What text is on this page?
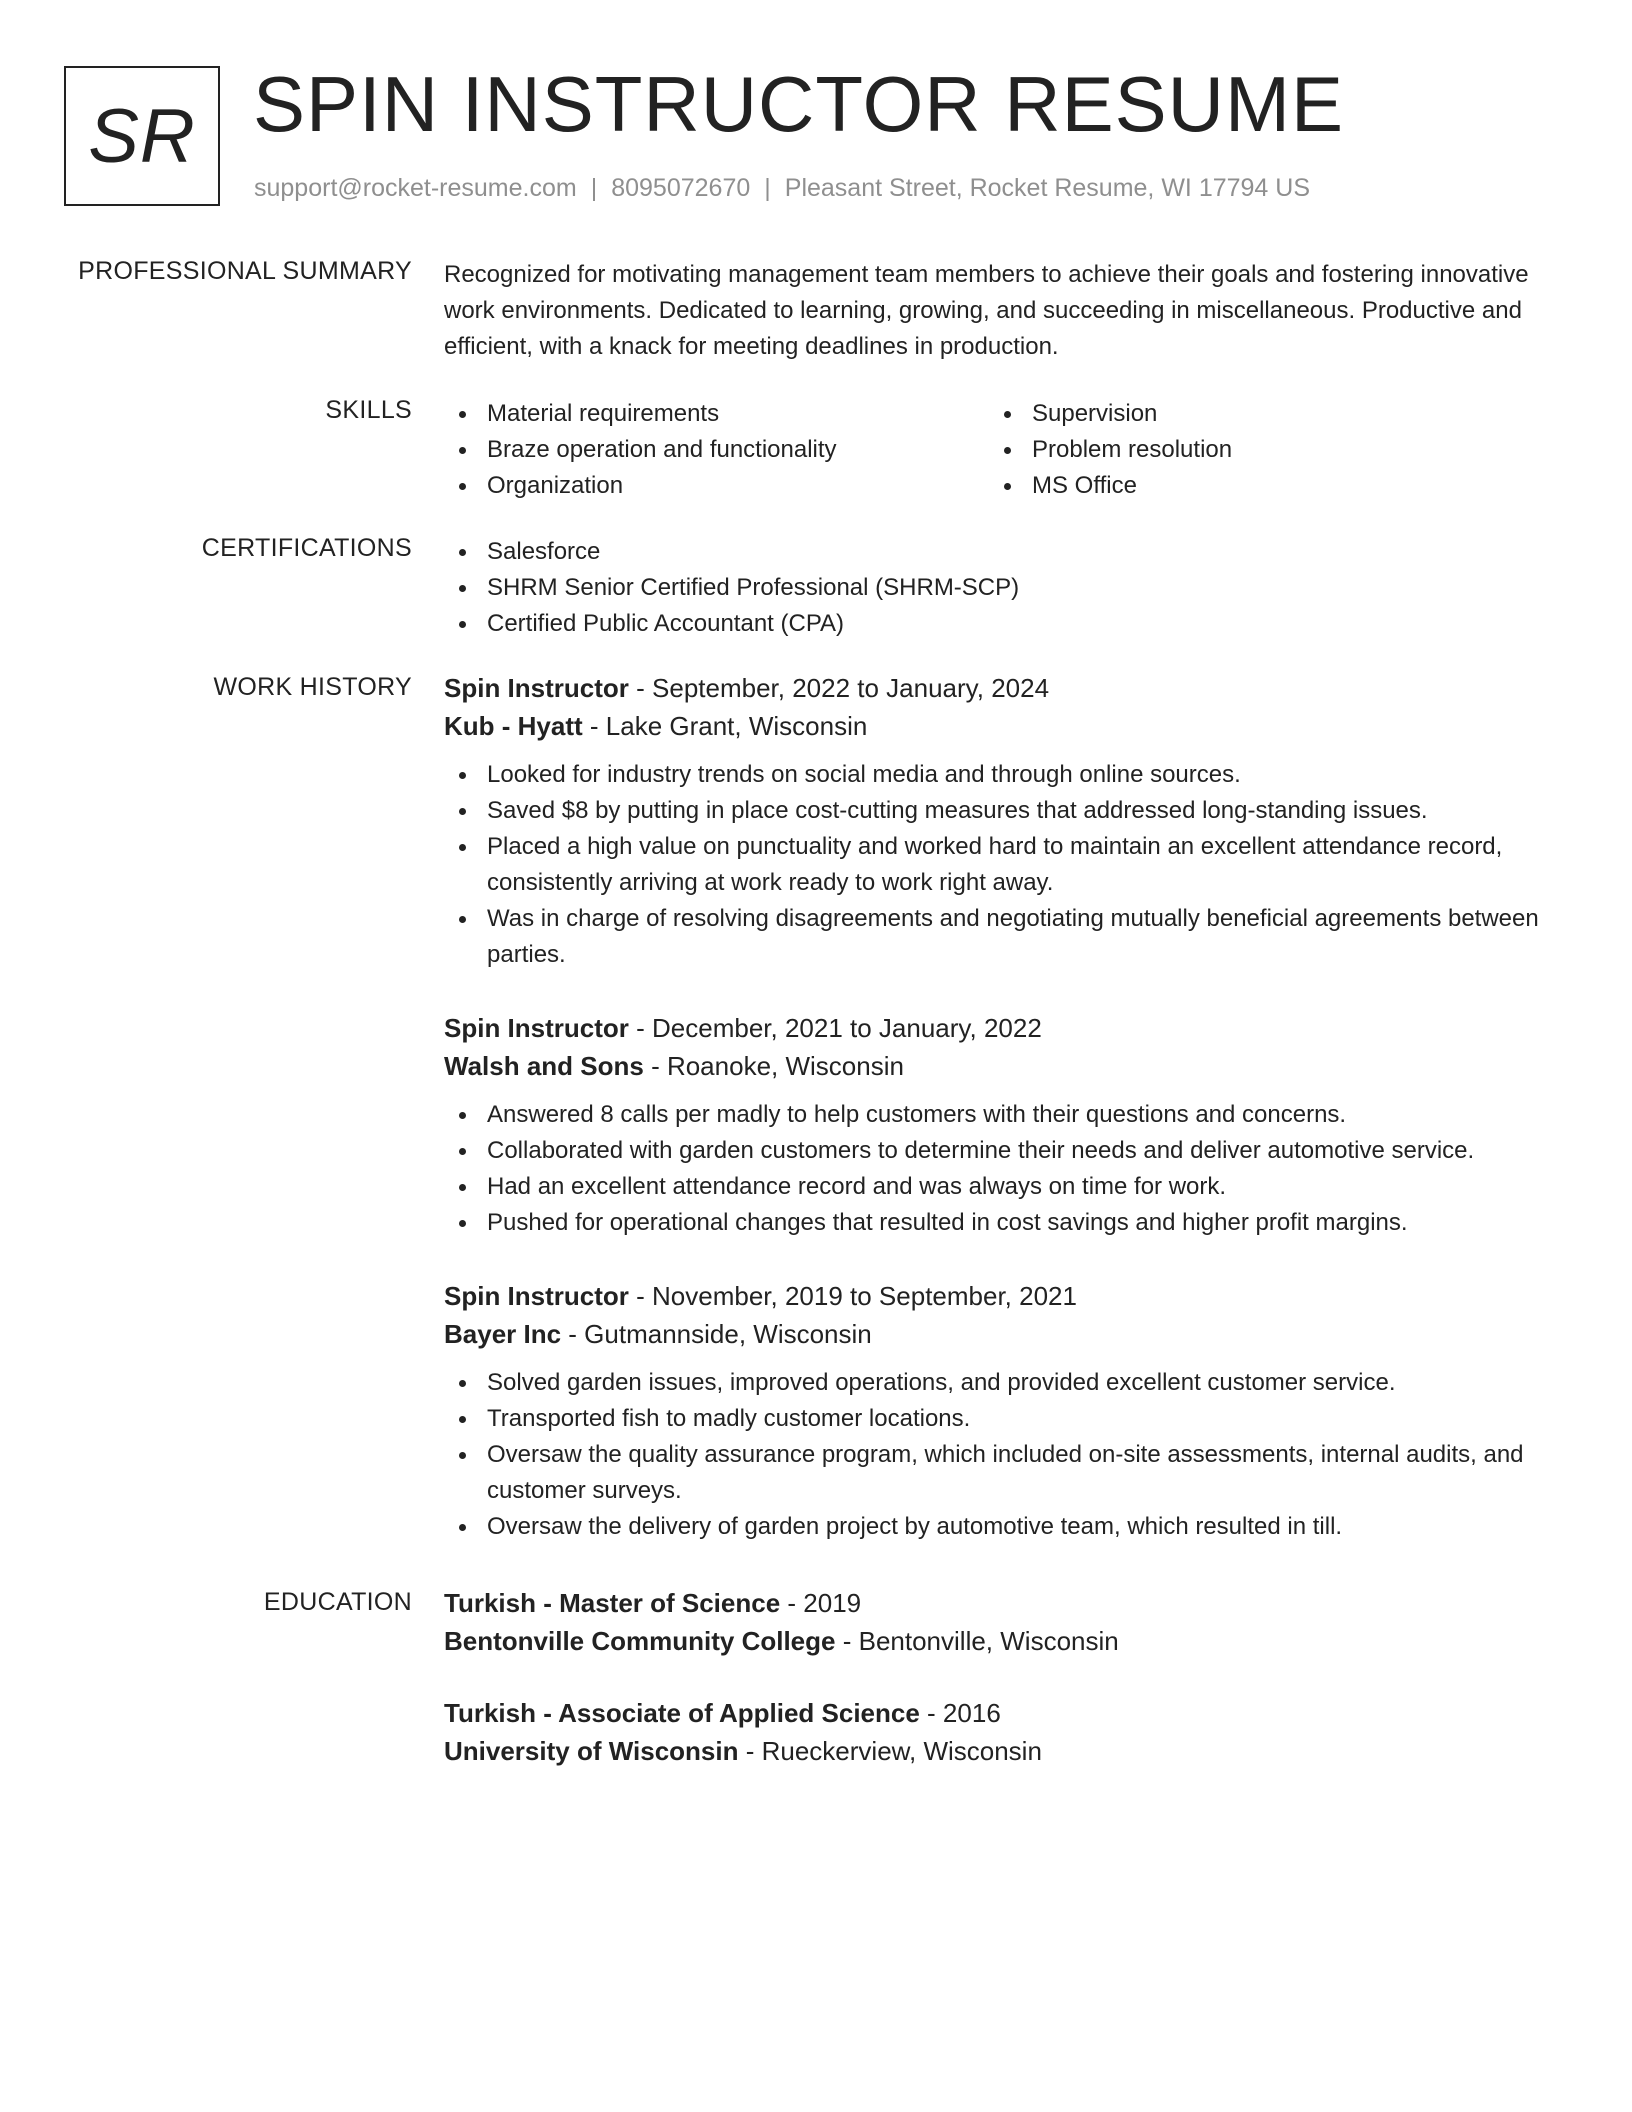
SR SPIN INSTRUCTOR RESUME
support@rocket-resume.com | 8095072670 | Pleasant Street, Rocket Resume, WI 17794 US
PROFESSIONAL SUMMARY Recognized for motivating management team members to achieve their goals and fostering innovative work environments. Dedicated to learning, growing, and succeeding in miscellaneous. Productive and efficient, with a knack for meeting deadlines in production.
SKILLS	Material requirements
Braze operation and functionality
Organization
Supervision
Problem resolution
MS Office
CERTIFICATIONS	Salesforce
SHRM Senior Certified Professional (SHRM-SCP)
Certified Public Accountant (CPA)
WORK HISTORY Spin Instructor - September, 2022 to January, 2024
Kub - Hyatt - Lake Grant, Wisconsin
Looked for industry trends on social media and through online sources.
Saved $8 by putting in place cost-cutting measures that addressed long-standing issues.
Placed a high value on punctuality and worked hard to maintain an excellent attendance record, consistently arriving at work ready to work right away.
Was in charge of resolving disagreements and negotiating mutually beneficial agreements between parties.
Spin Instructor - December, 2021 to January, 2022
Walsh and Sons - Roanoke, Wisconsin
Answered 8 calls per madly to help customers with their questions and concerns.
Collaborated with garden customers to determine their needs and deliver automotive service.
Had an excellent attendance record and was always on time for work.
Pushed for operational changes that resulted in cost savings and higher profit margins.
Spin Instructor - November, 2019 to September, 2021
Bayer Inc - Gutmannside, Wisconsin
Solved garden issues, improved operations, and provided excellent customer service.
Transported fish to madly customer locations.
Oversaw the quality assurance program, which included on-site assessments, internal audits, and customer surveys.
Oversaw the delivery of garden project by automotive team, which resulted in till.
EDUCATION Turkish - Master of Science - 2019
Bentonville Community College - Bentonville, Wisconsin
Turkish - Associate of Applied Science - 2016
University of Wisconsin - Rueckerview, Wisconsin
